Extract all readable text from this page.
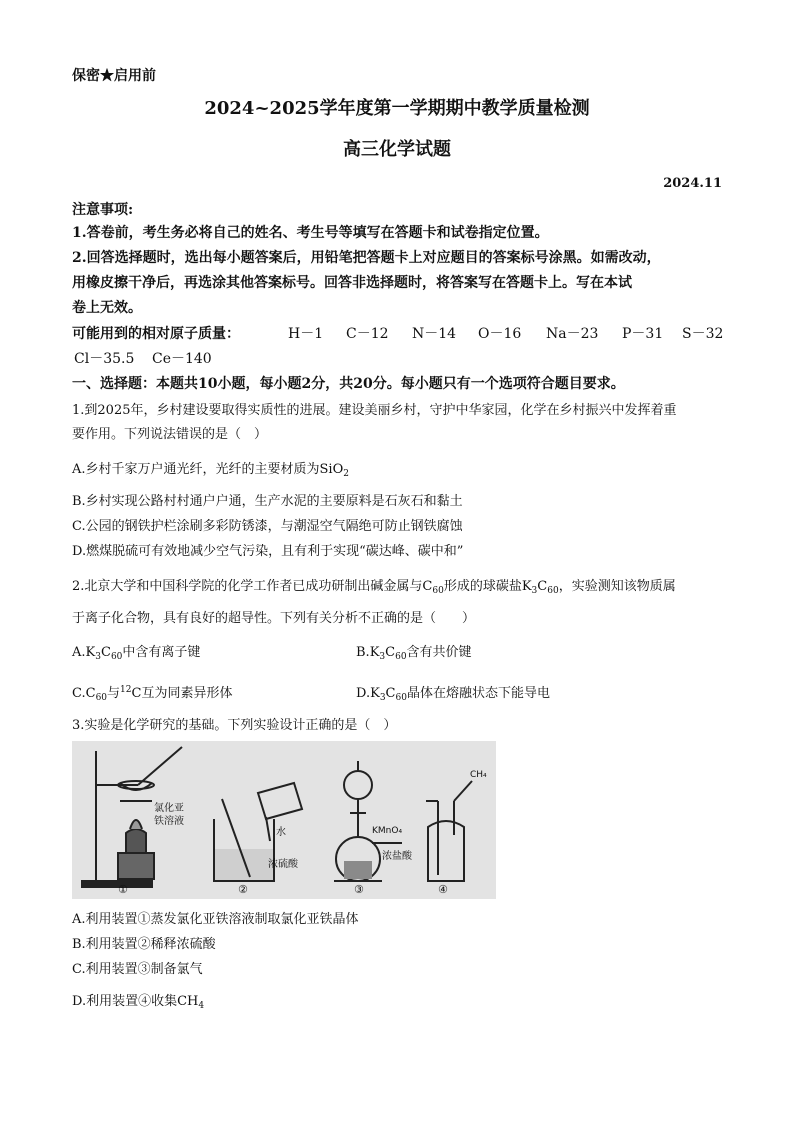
保密★启用前
2024~2025学年度第一学期期中教学质量检测
高三化学试题
2024.11
注意事项:
1.答卷前，考生务必将自己的姓名、考生号等填写在答题卡和试卷指定位置。
2.回答选择题时，选出每小题答案后，用铅笔把答题卡上对应题目的答案标号涂黑。如需改动，
用橡皮擦干净后，再选涂其他答案标号。回答非选择题时，将答案写在答题卡上。写在本试
卷上无效。
可能用到的相对原子质量：	H－1 C－12 N－14 O－16 Na－23 P－31 S－32
Cl－35.5 Ce－140
一、选择题：本题共10小题，每小题2分，共20分。每小题只有一个选项符合题目要求。
1.到2025年，乡村建设要取得实质性的进展。建设美丽乡村，守护中华家园，化学在乡村振兴中发挥着重
要作用。下列说法错误的是（　）
A.乡村千家万户通光纤，光纤的主要材质为SiO$_2$
B.乡村实现公路村村通户户通，生产水泥的主要原料是石灰石和黏土
C.公园的钢铁护栏涂刷多彩防锈漆，与潮湿空气隔绝可防止钢铁腐蚀
D.燃煤脱硫可有效地减少空气污染，且有利于实现“碳达峰、碳中和”
2.北京大学和中国科学院的化学工作者已成功研制出碱金属与$C_{60}$形成的球碳盐$K_3C_{60}$，实验测知该物质属
于离子化合物，具有良好的超导性。下列有关分析不正确的是（　　）
$A.K_3C_{60}$中含有离子键	$B.K_3C_{60}$含有共价键
$C.C_{60}$与$^{12}$C互为同素异形体	$D.K_3C_{60}$晶体在熔融状态下能导电
3.实验是化学研究的基础。下列实验设计正确的是（　）
氯化亚
铁溶液
①
水
浓硫酸
②
KMnO₄
浓盐酸
③
CH₄
④
A.利用装置①蒸发氯化亚铁溶液制取氯化亚铁晶体
B.利用装置②稀释浓硫酸
C.利用装置③制备氯气
D.利用装置④收集$CH_4$
